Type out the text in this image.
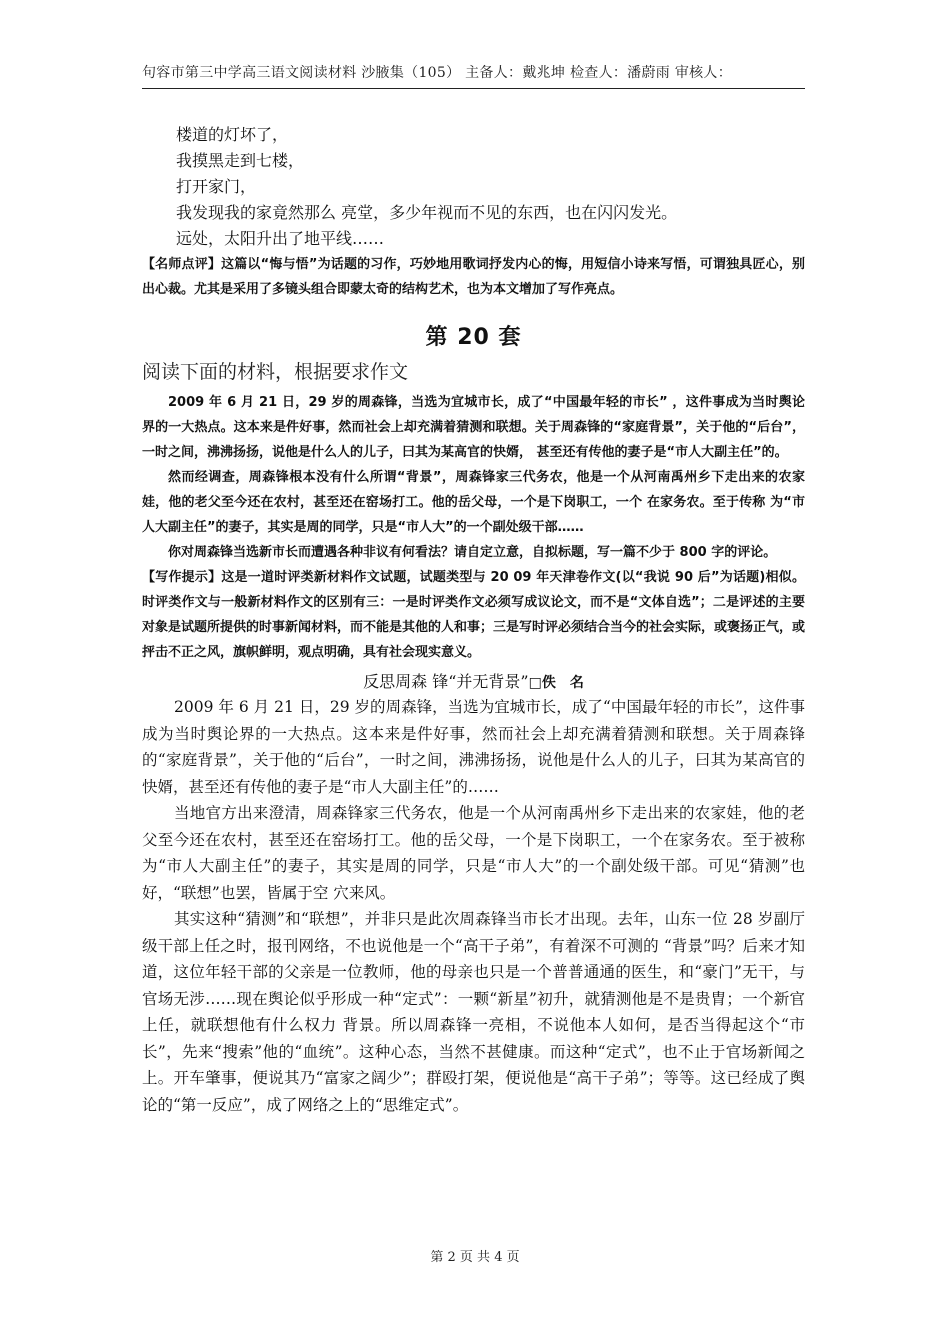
句容市第三中学高三语文阅读材料 沙腋集（105） 主备人：戴兆坤 检查人：潘蔚雨 审核人：
楼道的灯坏了，
我摸黑走到七楼，
打开家门，
我发现我的家竟然那么 亮堂，多少年视而不见的东西，也在闪闪发光。
远处，太阳升出了地平线……

【名师点评】这篇以“悔与悟”为话题的习作，巧妙地用歌词抒发内心的悔，用短信小诗来写悟，可谓独具匠心，别出心裁。尤其是采用了多镜头组合即蒙太奇的结构艺术，也为本文增加了写作亮点。

第 20 套
阅读下面的材料，根据要求作文

2009 年 6 月 21 日，29 岁的周森锋，当选为宜城市长，成了“中国最年轻的市长” ，这件事成为当时舆论界的一大热点。这本来是件好事，然而社会上却充满着猜测和联想。关于周森锋的“家庭背景”，关于他的“后台”，一时之间，沸沸扬扬，说他是什么人的儿子，曰其为某高官的快婿， 甚至还有传他的妻子是“市人大副主任”的。

然而经调查，周森锋根本没有什么所谓“背景”，周森锋家三代务农，他是一个从河南禹州乡下走出来的农家娃，他的老父至今还在农村，甚至还在窑场打工。他的岳父母，一个是下岗职工，一个 在家务农。至于传称 为“市人大副主任”的妻子，其实是周的同学，只是“市人大”的一个副处级干部……

你对周森锋当选新市长而遭遇各种非议有何看法？请自定立意，自拟标题，写一篇不少于 800 字的评论。

【写作提示】这是一道时评类新材料作文试题，试题类型与 20 09 年天津卷作文(以“我说 90 后”为话题)相似。时评类作文与一般新材料作文的区别有三：一是时评类作文必须写成议论文，而不是“文体自选”；二是评述的主要 对象是试题所提供的时事新闻材料，而不能是其他的人和事；三是写时评必须结合当今的社会实际，或褒扬正气，或抨击不正之风，旗帜鲜明，观点明确，具有社会现实意义。

反思周森 锋“并无背景”□佚　名

2009 年 6 月 21 日，29 岁的周森锋，当选为宜城市长，成了“中国最年轻的市长”，这件事成为当时舆论界的一大热点。这本来是件好事，然而社会上却充满着猜测和联想。关于周森锋的“家庭背景”，关于他的“后台”，一时之间，沸沸扬扬，说他是什么人的儿子，曰其为某高官的快婿，甚至还有传他的妻子是“市人大副主任”的……

当地官方出来澄清，周森锋家三代务农，他是一个从河南禹州乡下走出来的农家娃，他的老父至今还在农村，甚至还在窑场打工。他的岳父母，一个是下岗职工，一个在家务农。至于被称为“市人大副主任”的妻子，其实是周的同学，只是“市人大”的一个副处级干部。可见“猜测”也好，“联想”也罢，皆属于空 穴来风。

其实这种“猜测”和“联想”，并非只是此次周森锋当市长才出现。去年，山东一位 28 岁副厅级干部上任之时，报刊网络，不也说他是一个“高干子弟”，有着深不可测的 “背景”吗？后来才知道，这位年轻干部的父亲是一位教师，他的母亲也只是一个普普通通的医生，和“豪门”无干，与官场无涉……现在舆论似乎形成一种“定式”：一颗“新星”初升，就猜测他是不是贵胄；一个新官上任，就联想他有什么权力 背景。所以周森锋一亮相，不说他本人如何，是否当得起这个“市长”，先来“搜索”他的“血统”。这种心态，当然不甚健康。而这种“定式”，也不止于官场新闻之上。开车肇事，便说其乃“富家之阔少”；群殴打架，便说他是“高干子弟”；等等。这已经成了舆论的“第一反应”，成了网络之上的“思维定式”。

第 2 页 共 4 页
